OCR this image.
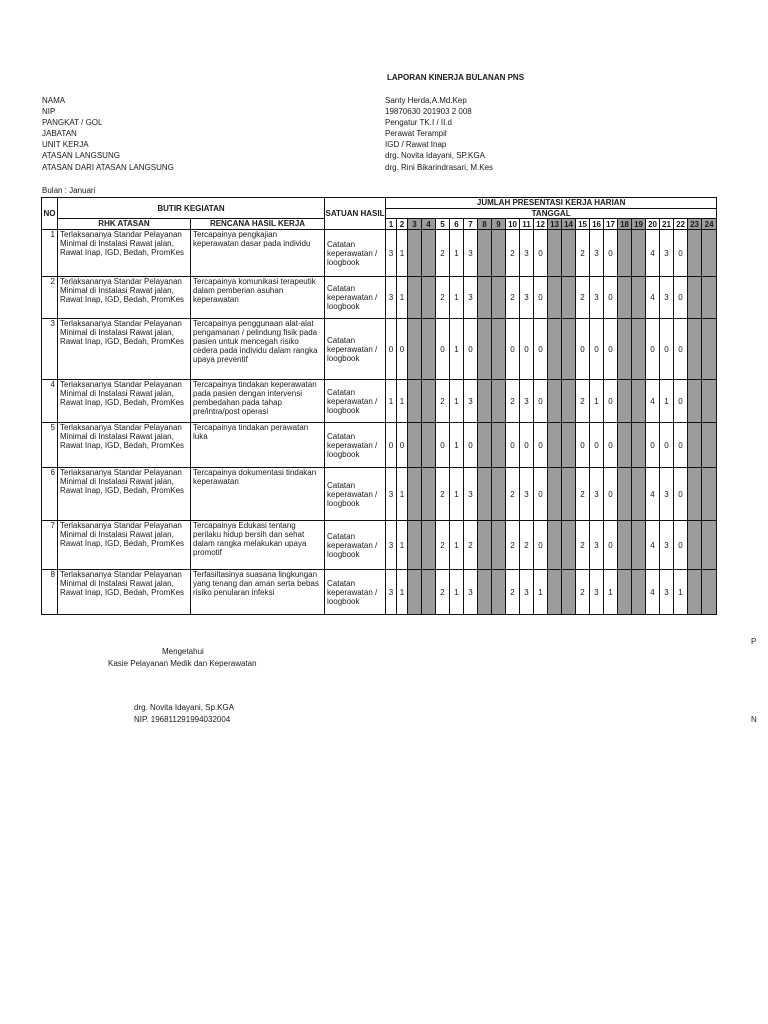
LAPORAN KINERJA BULANAN PNS
NAMA	Santy Herda,A.Md.Kep
NIP	19870630 201903 2 008
PANGKAT / GOL	Pengatur TK.I / II.d
JABATAN	Perawat Terampil
UNIT KERJA	IGD / Rawat Inap
ATASAN LANGSUNG	drg. Novita Idayani, SP.KGA
ATASAN DARI ATASAN LANGSUNG	drg. Rini Bikarindrasari, M.Kes
Bulan : Januari
NO	BUTIR KEGIATAN		SATUAN HASIL	JUMLAH PRESENTASI KERJA HARIAN																							
				TANGGAL																							
	RHK ATASAN	RENCANA HASIL KERJA		1	2	3	4	5	6	7	8	9	10	11	12	13	14	15	16	17	18	19	20	21	22	23	24
1	Terlaksananya Standar Pelayanan Minimal di Instalasi Rawat jalan, Rawat Inap, IGD, Bedah, PromKes	Tercapainya pengkajian keperawatan dasar pada individu	Catatan keperawatan / loogbook	3	1			2	1	3			2	3	0			2	3	0			4	3	0		
2	Terlaksananya Standar Pelayanan Minimal di Instalasi Rawat jalan, Rawat Inap, IGD, Bedah, PromKes	Tercapainya komunikasi terapeutik dalam pemberian asuhan keperawatan	Catatan keperawatan / loogbook	3	1			2	1	3			2	3	0			2	3	0			4	3	0		
3	Terlaksananya Standar Pelayanan Minimal di Instalasi Rawat jalan, Rawat Inap, IGD, Bedah, PromKes	Tercapainya penggunaan alat-alat pengamanan / pelindung fisik pada pasien untuk mencegah risiko cedera pada individu dalam rangka upaya preventif	Catatan keperawatan / loogbook	0	0			0	1	0			0	0	0			0	0	0			0	0	0		
4	Terlaksananya Standar Pelayanan Minimal di Instalasi Rawat jalan, Rawat Inap, IGD, Bedah, PromKes	Tercapainya tindakan keperawatan pada pasien dengan intervensi pembedahan pada tahap pre/intra/post operasi	Catatan keperawatan / loogbook	1	1			2	1	3			2	3	0			2	1	0			4	1	0		
5	Terlaksananya Standar Pelayanan Minimal di Instalasi Rawat jalan, Rawat Inap, IGD, Bedah, PromKes	Tercapainya tindakan perawatan luka	Catatan keperawatan / loogbook	0	0			0	1	0			0	0	0			0	0	0			0	0	0		
6	Terlaksananya Standar Pelayanan Minimal di Instalasi Rawat jalan, Rawat Inap, IGD, Bedah, PromKes	Tercapainya dokumentasi tindakan keperawatan	Catatan keperawatan / loogbook	3	1			2	1	3			2	3	0			2	3	0			4	3	0		
7	Terlaksananya Standar Pelayanan Minimal di Instalasi Rawat jalan, Rawat Inap, IGD, Bedah, PromKes	Tercapainya Edukasi tentang perilaku hidup bersih dan sehat dalam rangka melakukan upaya promotif	Catatan keperawatan / loogbook	3	1			2	1	2			2	2	0			2	3	0			4	3	0		
8	Terlaksananya Standar Pelayanan Minimal di Instalasi Rawat jalan, Rawat Inap, IGD, Bedah, PromKes	Terfasiltasinya suasana lingkungan yang tenang dan aman serta bebas risiko penularan infeksi	Catatan keperawatan / loogbook	3	1			2	1	3			2	3	1			2	3	1			4	3	1		
Mengetahui
Kasie Pelayanan Medik dan Keperawatan
drg. Novita Idayani, Sp.KGA
NIP. 196811291994032004
P
N
